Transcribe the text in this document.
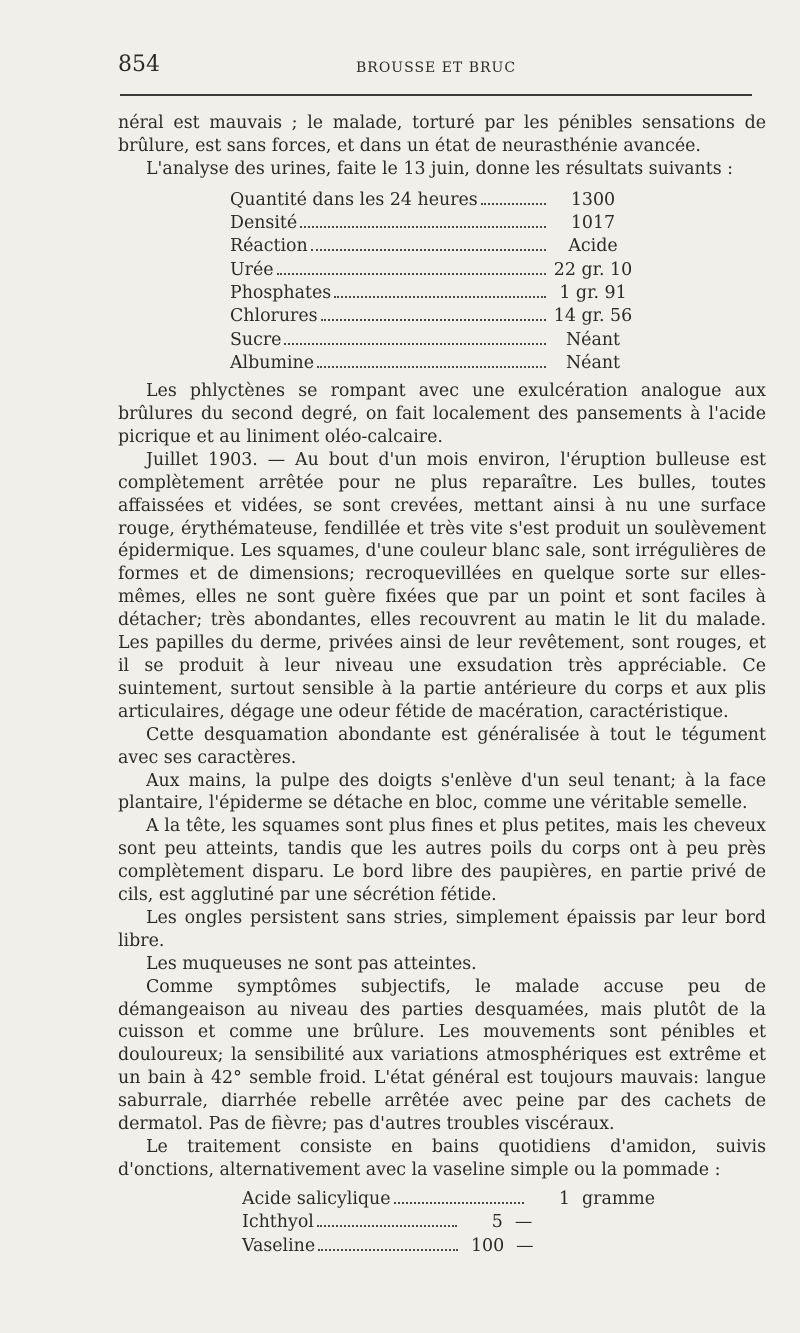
854	BROUSSE ET BRUC

néral est mauvais ; le malade, torturé par les pénibles sensations de brûlure, est sans forces, et dans un état de neurasthénie avancée.

L'analyse des urines, faite le 13 juin, donne les résultats suivants :

Quantité dans les 24 heures	1300
Densité	1017
Réaction	Acide
Urée	22 gr. 10
Phosphates	1 gr. 91
Chlorures	14 gr. 56
Sucre	Néant
Albumine	Néant

Les phlyctènes se rompant avec une exulcération analogue aux brûlures du second degré, on fait localement des pansements à l'acide picrique et au liniment oléo-calcaire.

Juillet 1903. — Au bout d'un mois environ, l'éruption bulleuse est complètement arrêtée pour ne plus reparaître. Les bulles, toutes affaissées et vidées, se sont crevées, mettant ainsi à nu une surface rouge, érythémateuse, fendillée et très vite s'est produit un soulèvement épidermique. Les squames, d'une couleur blanc sale, sont irrégulières de formes et de dimensions; recroquevillées en quelque sorte sur elles-mêmes, elles ne sont guère fixées que par un point et sont faciles à détacher; très abondantes, elles recouvrent au matin le lit du malade. Les papilles du derme, privées ainsi de leur revêtement, sont rouges, et il se produit à leur niveau une exsudation très appréciable. Ce suintement, surtout sensible à la partie antérieure du corps et aux plis articulaires, dégage une odeur fétide de macération, caractéristique.

Cette desquamation abondante est généralisée à tout le tégument avec ses caractères.

Aux mains, la pulpe des doigts s'enlève d'un seul tenant; à la face plantaire, l'épiderme se détache en bloc, comme une véritable semelle.

A la tête, les squames sont plus fines et plus petites, mais les cheveux sont peu atteints, tandis que les autres poils du corps ont à peu près complètement disparu. Le bord libre des paupières, en partie privé de cils, est agglutiné par une sécrétion fétide.

Les ongles persistent sans stries, simplement épaissis par leur bord libre.

Les muqueuses ne sont pas atteintes.

Comme symptômes subjectifs, le malade accuse peu de démangeaison au niveau des parties desquamées, mais plutôt de la cuisson et comme une brûlure. Les mouvements sont pénibles et douloureux; la sensibilité aux variations atmosphériques est extrême et un bain à 42° semble froid. L'état général est toujours mauvais: langue saburrale, diarrhée rebelle arrêtée avec peine par des cachets de dermatol. Pas de fièvre; pas d'autres troubles viscéraux.

Le traitement consiste en bains quotidiens d'amidon, suivis d'onctions, alternativement avec la vaseline simple ou la pommade :

Acide salicylique	1 gramme
Ichthyol	5 —
Vaseline	100 —
